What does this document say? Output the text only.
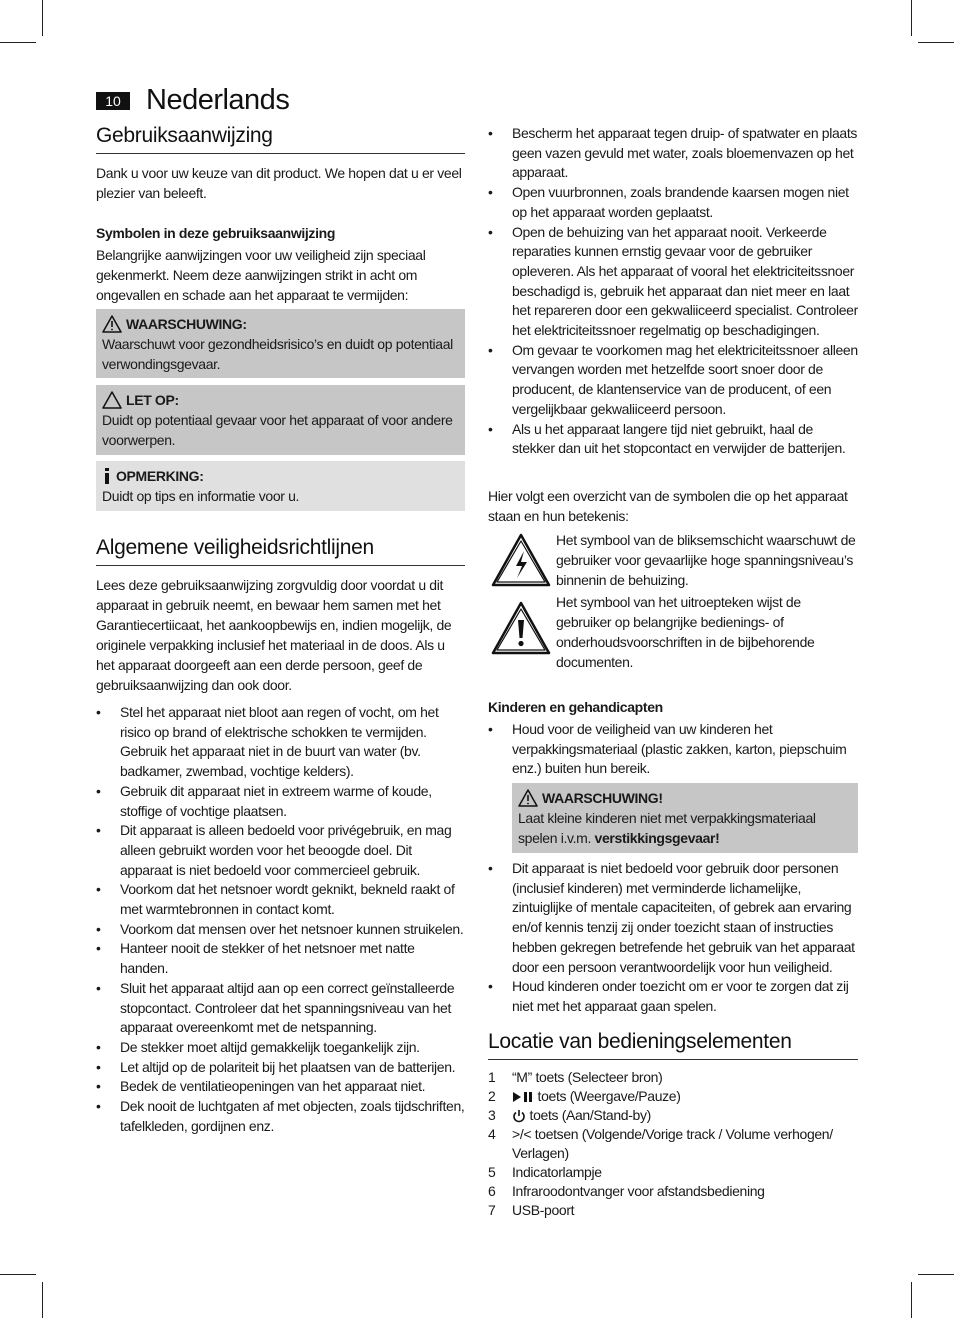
10 Nederlands
Gebruiksaanwijzing

Dank u voor uw keuze van dit product. We hopen dat u er veel plezier van beleeft.

Symbolen in deze gebruiksaanwijzing

Belangrijke aanwijzingen voor uw veiligheid zijn speciaal gekenmerkt. Neem deze aanwijzingen strikt in acht om ongevallen en schade aan het apparaat te vermijden:

WAARSCHUWING:
Waarschuwt voor gezondheidsrisico’s en duidt op potentiaal verwondingsgevaar.
LET OP:
Duidt op potentiaal gevaar voor het apparaat of voor andere voorwerpen.
OPMERKING:
Duidt op tips en informatie voor u.
Algemene veiligheidsrichtlijnen

Lees deze gebruiksaanwijzing zorgvuldig door voordat u dit apparaat in gebruik neemt, en bewaar hem samen met het Garantiecertiicaat, het aankoopbewijs en, indien mogelijk, de originele verpakking inclusief het materiaal in de doos. Als u het apparaat doorgeeft aan een derde persoon, geef de gebruiksaanwijzing dan ook door.

• Stel het apparaat niet bloot aan regen of vocht, om het risico op brand of elektrische schokken te vermijden. Gebruik het apparaat niet in de buurt van water (bv. badkamer, zwembad, vochtige kelders).
• Gebruik dit apparaat niet in extreem warme of koude, stoffige of vochtige plaatsen.
• Dit apparaat is alleen bedoeld voor privégebruik, en mag alleen gebruikt worden voor het beoogde doel. Dit apparaat is niet bedoeld voor commercieel gebruik.
• Voorkom dat het netsnoer wordt geknikt, bekneld raakt of met warmtebronnen in contact komt.
• Voorkom dat mensen over het netsnoer kunnen struikelen.
• Hanteer nooit de stekker of het netsnoer met natte handen.
• Sluit het apparaat altijd aan op een correct geïnstalleerde stopcontact. Controleer dat het spanningsniveau van het apparaat overeenkomt met de netspanning.
• De stekker moet altijd gemakkelijk toegankelijk zijn.
• Let altijd op de polariteit bij het plaatsen van de batterijen.
• Bedek de ventilatieopeningen van het apparaat niet.
• Dek nooit de luchtgaten af met objecten, zoals tijdschriften, tafelkleden, gordijnen enz.
• Bescherm het apparaat tegen druip- of spatwater en plaats geen vazen gevuld met water, zoals bloemenvazen op het apparaat.
• Open vuurbronnen, zoals brandende kaarsen mogen niet op het apparaat worden geplaatst.
• Open de behuizing van het apparaat nooit. Verkeerde reparaties kunnen ernstig gevaar voor de gebruiker opleveren. Als het apparaat of vooral het elektriciteitssnoer beschadigd is, gebruik het apparaat dan niet meer en laat het repareren door een gekwaliiceerd specialist. Controleer het elektriciteitssnoer regelmatig op beschadigingen.
• Om gevaar te voorkomen mag het elektriciteitssnoer alleen vervangen worden met hetzelfde soort snoer door de producent, de klantenservice van de producent, of een vergelijkbaar gekwaliiceerd persoon.
• Als u het apparaat langere tijd niet gebruikt, haal de stekker dan uit het stopcontact en verwijder de batterijen.

Hier volgt een overzicht van de symbolen die op het apparaat staan en hun betekenis:

Het symbool van de bliksemschicht waarschuwt de gebruiker voor gevaarlijke hoge spanningsniveau’s binnenin de behuizing.
Het symbool van het uitroepteken wijst de gebruiker op belangrijke bedienings- of onderhoudsvoorschriften in de bijbehorende documenten.

Kinderen en gehandicapten

• Houd voor de veiligheid van uw kinderen het verpakkingsmateriaal (plastic zakken, karton, piepschuim enz.) buiten hun bereik.
WAARSCHUWING!
Laat kleine kinderen niet met verpakkingsmateriaal spelen i.v.m. verstikkingsgevaar!
• Dit apparaat is niet bedoeld voor gebruik door personen (inclusief kinderen) met verminderde lichamelijke, zintuiglijke of mentale capaciteiten, of gebrek aan ervaring en/of kennis tenzij zij onder toezicht staan of instructies hebben gekregen betrefende het gebruik van het apparaat door een persoon verantwoordelijk voor hun veiligheid.
• Houd kinderen onder toezicht om er voor te zorgen dat zij niet met het apparaat gaan spelen.
Locatie van bedieningselementen
1 “M” toets (Selecteer bron)
2	toets (Weergave/Pauze)
3 toets (Aan/Stand-by)
4 >/< toetsen (Volgende/Vorige track / Volume verhogen/ Verlagen)
5 Indicatorlampje
6 Infraroodontvanger voor afstandsbediening
7 USB-poort
